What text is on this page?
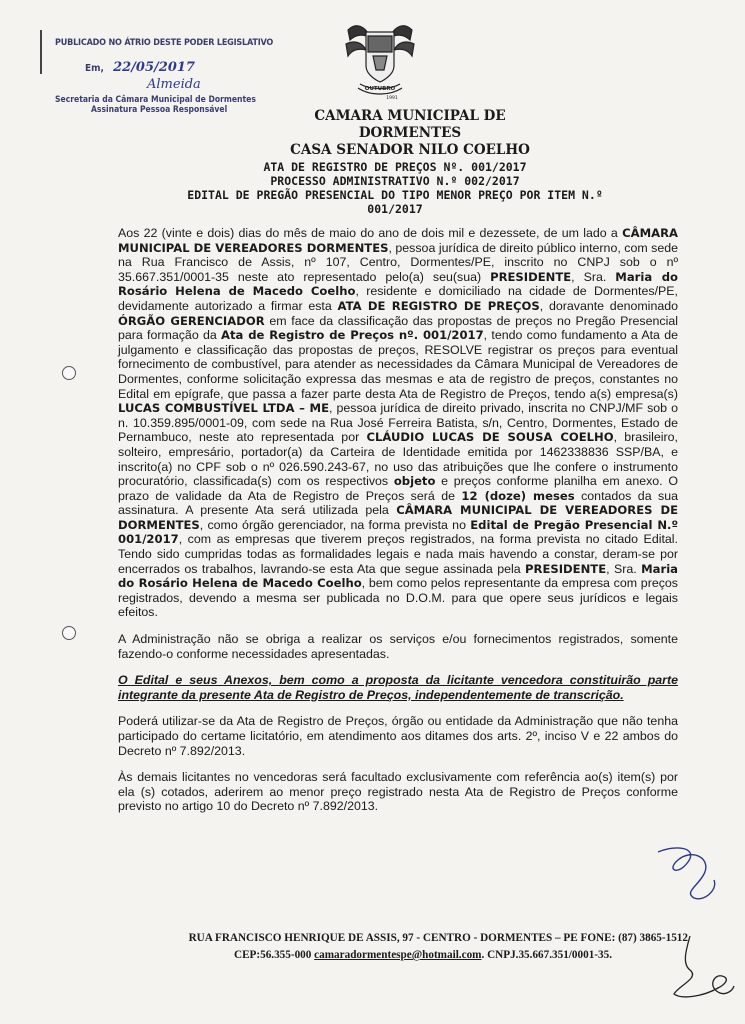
PUBLICADO NO ÁTRIO DESTE PODER LEGISLATIVO
Em, 22/05/2017
Almeida
Secretaria da Câmara Municipal de Dormentes
Assinatura Pessoa Responsável
OUTUBRO
1991
CAMARA MUNICIPAL DE DORMENTES
CASA SENADOR NILO COELHO
ATA DE REGISTRO DE PREÇOS Nº. 001/2017
PROCESSO ADMINISTRATIVO N.º 002/2017
EDITAL DE PREGÃO PRESENCIAL DO TIPO MENOR PREÇO POR ITEM N.º
001/2017

Aos 22 (vinte e dois) dias do mês de maio do ano de dois mil e dezessete, de um lado a CÂMARA MUNICIPAL DE VEREADORES DORMENTES, pessoa jurídica de direito público interno, com sede na Rua Francisco de Assis, nº 107, Centro, Dormentes/PE, inscrito no CNPJ sob o nº 35.667.351/0001-35 neste ato representado pelo(a) seu(sua) PRESIDENTE, Sra. Maria do Rosário Helena de Macedo Coelho, residente e domiciliado na cidade de Dormentes/PE, devidamente autorizado a firmar esta ATA DE REGISTRO DE PREÇOS, doravante denominado ÓRGÃO GERENCIADOR em face da classificação das propostas de preços no Pregão Presencial para formação da Ata de Registro de Preços nº. 001/2017, tendo como fundamento a Ata de julgamento e classificação das propostas de preços, RESOLVE registrar os preços para eventual fornecimento de combustível, para atender as necessidades da Câmara Municipal de Vereadores de Dormentes, conforme solicitação expressa das mesmas e ata de registro de preços, constantes no Edital em epígrafe, que passa a fazer parte desta Ata de Registro de Preços, tendo a(s) empresa(s) LUCAS COMBUSTÍVEL LTDA – ME, pessoa jurídica de direito privado, inscrita no CNPJ/MF sob o n. 10.359.895/0001-09, com sede na Rua José Ferreira Batista, s/n, Centro, Dormentes, Estado de Pernambuco, neste ato representada por CLÁUDIO LUCAS DE SOUSA COELHO, brasileiro, solteiro, empresário, portador(a) da Carteira de Identidade emitida por 1462338836 SSP/BA, e inscrito(a) no CPF sob o nº 026.590.243-67, no uso das atribuições que lhe confere o instrumento procuratório, classificada(s) com os respectivos objeto e preços conforme planilha em anexo. O prazo de validade da Ata de Registro de Preços será de 12 (doze) meses contados da sua assinatura. A presente Ata será utilizada pela CÂMARA MUNICIPAL DE VEREADORES DE DORMENTES, como órgão gerenciador, na forma prevista no Edital de Pregão Presencial N.º 001/2017, com as empresas que tiverem preços registrados, na forma prevista no citado Edital. Tendo sido cumpridas todas as formalidades legais e nada mais havendo a constar, deram-se por encerrados os trabalhos, lavrando-se esta Ata que segue assinada pela PRESIDENTE, Sra. Maria do Rosário Helena de Macedo Coelho, bem como pelos representante da empresa com preços registrados, devendo a mesma ser publicada no D.O.M. para que opere seus jurídicos e legais efeitos.

A Administração não se obriga a realizar os serviços e/ou fornecimentos registrados, somente fazendo-o conforme necessidades apresentadas.

O Edital e seus Anexos, bem como a proposta da licitante vencedora constituirão parte integrante da presente Ata de Registro de Preços, independentemente de transcrição.

Poderá utilizar-se da Ata de Registro de Preços, órgão ou entidade da Administração que não tenha participado do certame licitatório, em atendimento aos ditames dos arts. 2º, inciso V e 22 ambos do Decreto nº 7.892/2013.

Às demais licitantes no vencedoras será facultado exclusivamente com referência ao(s) item(s) por ela (s) cotados, aderirem ao menor preço registrado nesta Ata de Registro de Preços conforme previsto no artigo 10 do Decreto nº 7.892/2013.

RUA FRANCISCO HENRIQUE DE ASSIS, 97 - CENTRO - DORMENTES – PE FONE: (87) 3865-1512
CEP:56.355-000 camaradormentespe@hotmail.com. CNPJ.35.667.351/0001-35.
